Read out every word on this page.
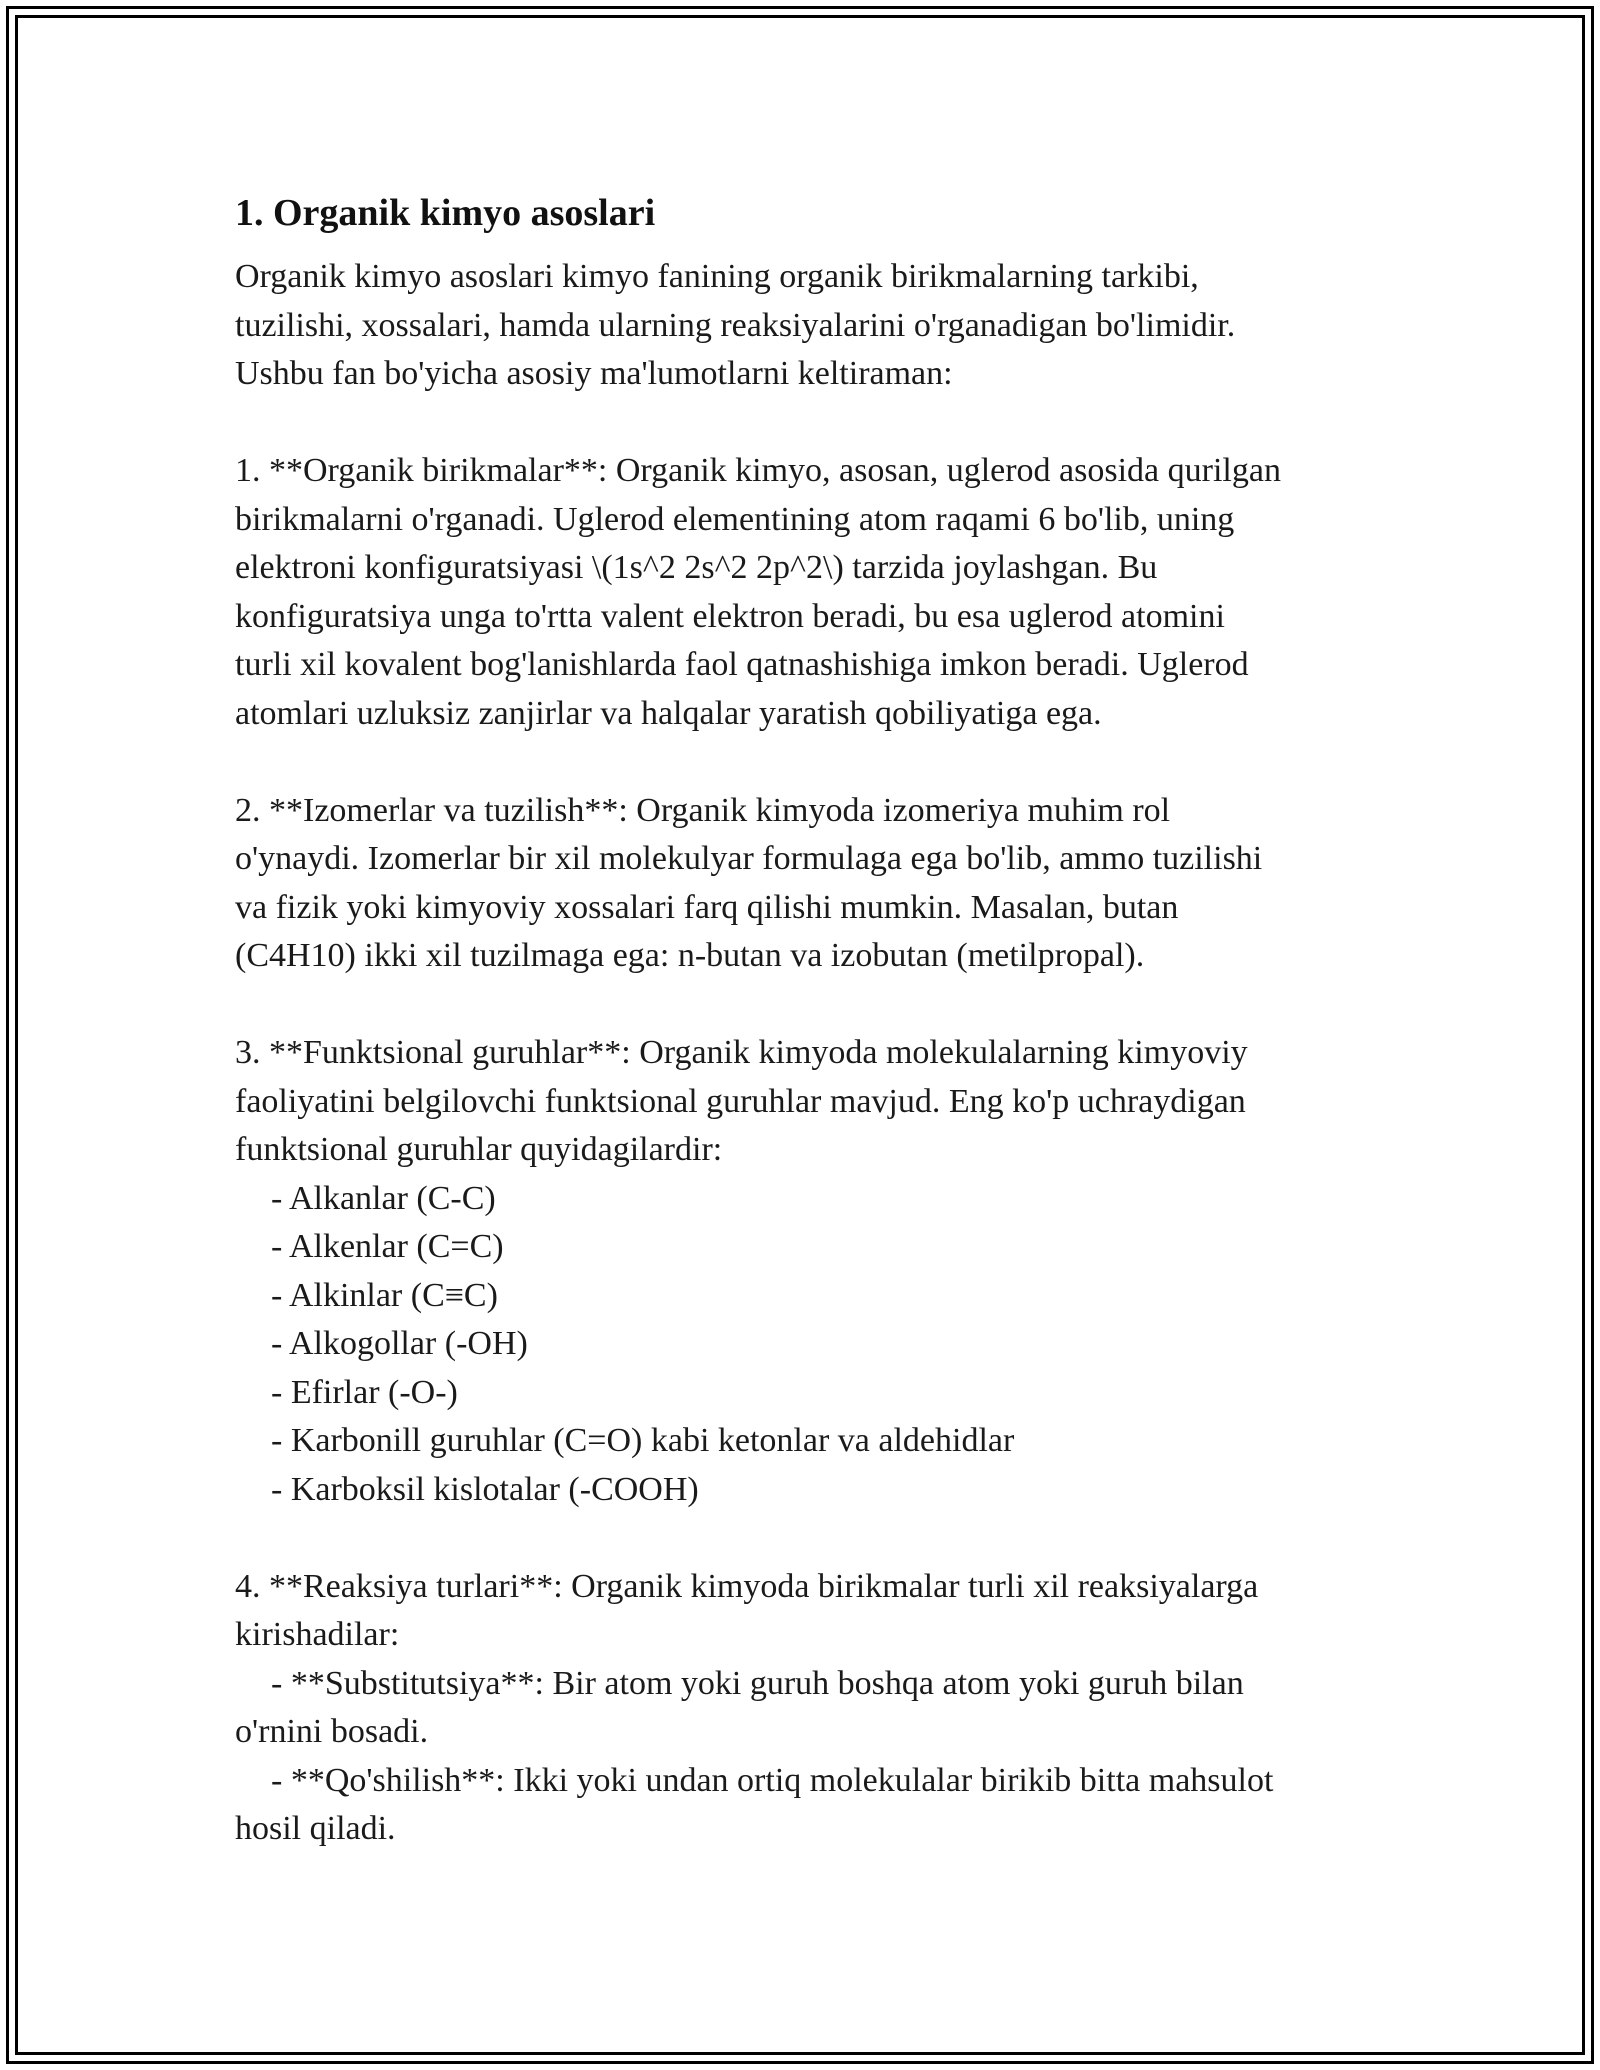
1. Organik kimyo asoslari

Organik kimyo asoslari kimyo fanining organik birikmalarning tarkibi,
tuzilishi, xossalari, hamda ularning reaksiyalarini o'rganadigan bo'limidir.
Ushbu fan bo'yicha asosiy ma'lumotlarni keltiraman:

1. **Organik birikmalar**: Organik kimyo, asosan, uglerod asosida qurilgan
birikmalarni o'rganadi. Uglerod elementining atom raqami 6 bo'lib, uning
elektroni konfiguratsiyasi \(1s^2 2s^2 2p^2\) tarzida joylashgan. Bu
konfiguratsiya unga to'rtta valent elektron beradi, bu esa uglerod atomini
turli xil kovalent bog'lanishlarda faol qatnashishiga imkon beradi. Uglerod
atomlari uzluksiz zanjirlar va halqalar yaratish qobiliyatiga ega.

2. **Izomerlar va tuzilish**: Organik kimyoda izomeriya muhim rol
o'ynaydi. Izomerlar bir xil molekulyar formulaga ega bo'lib, ammo tuzilishi
va fizik yoki kimyoviy xossalari farq qilishi mumkin. Masalan, butan
(C4H10) ikki xil tuzilmaga ega: n-butan va izobutan (metilpropal).

3. **Funktsional guruhlar**: Organik kimyoda molekulalarning kimyoviy
faoliyatini belgilovchi funktsional guruhlar mavjud. Eng ko'p uchraydigan
funktsional guruhlar quyidagilardir:

- Alkanlar (C-C)

- Alkenlar (C=C)

- Alkinlar (C≡C)

- Alkogollar (-OH)

- Efirlar (-O-)

- Karbonill guruhlar (C=O) kabi ketonlar va aldehidlar

- Karboksil kislotalar (-COOH)

4. **Reaksiya turlari**: Organik kimyoda birikmalar turli xil reaksiyalarga
kirishadilar:

- **Substitutsiya**: Bir atom yoki guruh boshqa atom yoki guruh bilan

o'rnini bosadi.

- **Qo'shilish**: Ikki yoki undan ortiq molekulalar birikib bitta mahsulot

hosil qiladi.
